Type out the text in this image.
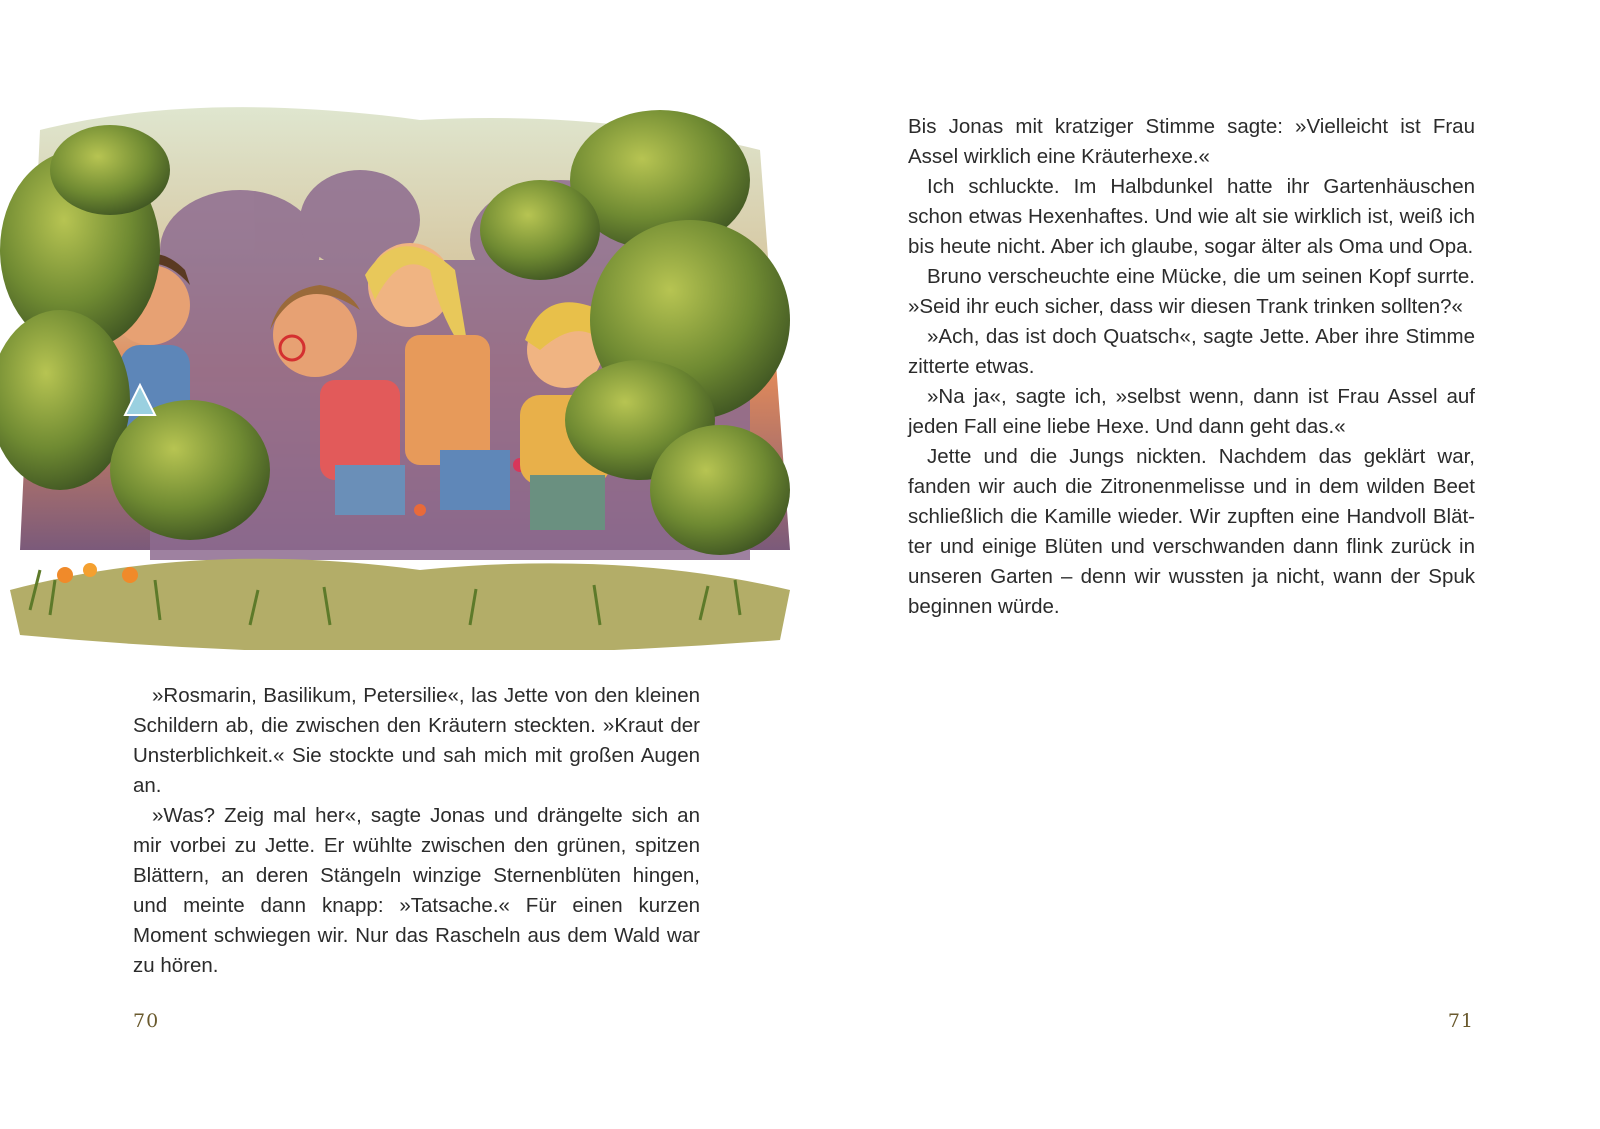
»Rosmarin, Basilikum, Petersilie«, las Jette von den kleinen Schildern ab, die zwischen den Kräutern steckten. »Kraut der Unsterblichkeit.« Sie stockte und sah mich mit großen Augen an.

»Was? Zeig mal her«, sagte Jonas und drängelte sich an mir vorbei zu Jette. Er wühlte zwischen den grünen, spitzen Blättern, an deren Stängeln winzige Sternenblüten hingen, und meinte dann knapp: »Tatsache.« Für einen kurzen Moment schwiegen wir. Nur das Rascheln aus dem Wald war zu hören.

70

Bis Jonas mit kratziger Stimme sagte: »Vielleicht ist Frau Assel wirklich eine Kräuterhexe.«

Ich schluckte. Im Halbdunkel hatte ihr Gartenhäuschen schon etwas Hexenhaftes. Und wie alt sie wirklich ist, weiß ich bis heute nicht. Aber ich glaube, sogar älter als Oma und Opa.

Bruno verscheuchte eine Mücke, die um seinen Kopf surrte. »Seid ihr euch sicher, dass wir diesen Trank trinken sollten?«

»Ach, das ist doch Quatsch«, sagte Jette. Aber ihre Stimme zitterte etwas.

»Na ja«, sagte ich, »selbst wenn, dann ist Frau Assel auf jeden Fall eine liebe Hexe. Und dann geht das.«

Jette und die Jungs nickten. Nachdem das geklärt war, fanden wir auch die Zitronenmelisse und in dem wilden Beet schließlich die Kamille wieder. Wir zupften eine Handvoll Blätter und einige Blüten und verschwanden dann flink zurück in unseren Garten – denn wir wussten ja nicht, wann der Spuk beginnen würde.

71
